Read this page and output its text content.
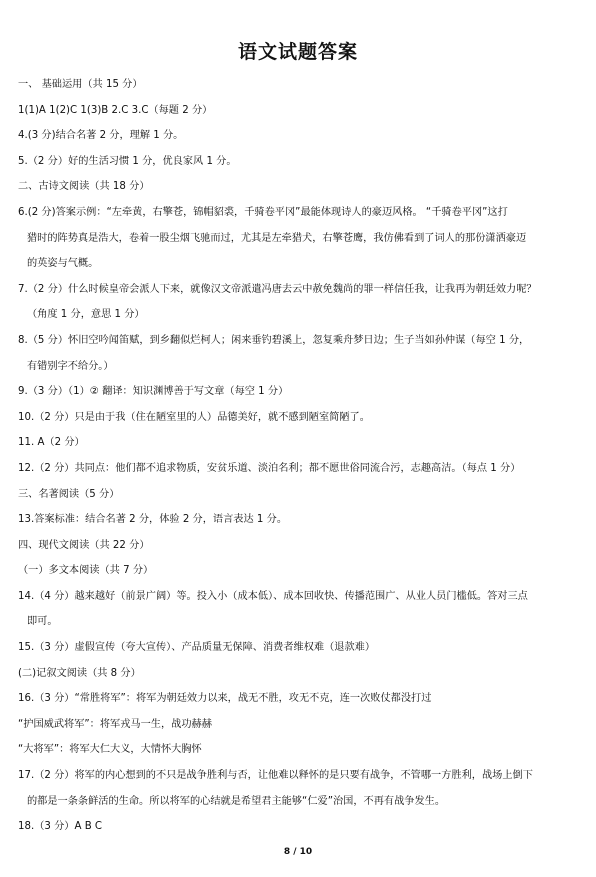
语文试题答案
一、 基础运用（共 15 分）
1(1)A 1(2)C 1(3)B 2.C 3.C（每题 2 分）
4.(3 分)结合名著 2 分，理解 1 分。
5.（2 分）好的生活习惯 1 分，优良家风 1 分。
二、古诗文阅读（共 18 分）
6.(2 分)答案示例：“左牵黄，右擎苍，锦帽貂裘，千骑卷平冈”最能体现诗人的豪迈风格。 “千骑卷平冈”这打
猎时的阵势真是浩大，卷着一股尘烟飞驰而过，尤其是左牵猎犬，右擎苍鹰，我仿佛看到了词人的那份潇洒豪迈
的英姿与气概。
7.（2 分）什么时候皇帝会派人下来，就像汉文帝派遣冯唐去云中赦免魏尚的罪一样信任我，让我再为朝廷效力呢？
（角度 1 分，意思 1 分）
8.（5 分）怀旧空吟闻笛赋，到乡翻似烂柯人；闲来垂钓碧溪上，忽复乘舟梦日边；生子当如孙仲谋（每空 1 分，
有错别字不给分。）
9.（3 分）（1）② 翻译：知识渊博善于写文章（每空 1 分）
10.（2 分）只是由于我（住在陋室里的人）品德美好，就不感到陋室简陋了。
11. A（2 分）
12.（2 分）共同点：他们都不追求物质，安贫乐道、淡泊名利；都不愿世俗同流合污，志趣高洁。（每点 1 分）
三、名著阅读（5 分）
13.答案标准：结合名著 2 分，体验 2 分，语言表达 1 分。
四、现代文阅读（共 22 分）
（一）多文本阅读（共 7 分）
14.（4 分）越来越好（前景广阔）等。投入小（成本低）、成本回收快、传播范围广、从业人员门槛低。答对三点
即可。
15.（3 分）虚假宣传（夸大宣传）、产品质量无保障、消费者维权难（退款难）
(二)记叙文阅读（共 8 分）
16.（3 分）“常胜将军”：将军为朝廷效力以来，战无不胜，攻无不克，连一次败仗都没打过
“护国威武将军”：将军戎马一生，战功赫赫
“大将军”：将军大仁大义，大情怀大胸怀
17.（2 分）将军的内心想到的不只是战争胜利与否，让他难以释怀的是只要有战争，不管哪一方胜利，战场上倒下
的都是一条条鲜活的生命。所以将军的心结就是希望君主能够“仁爱”治国，不再有战争发生。
18.（3 分）A B C
8 / 10
